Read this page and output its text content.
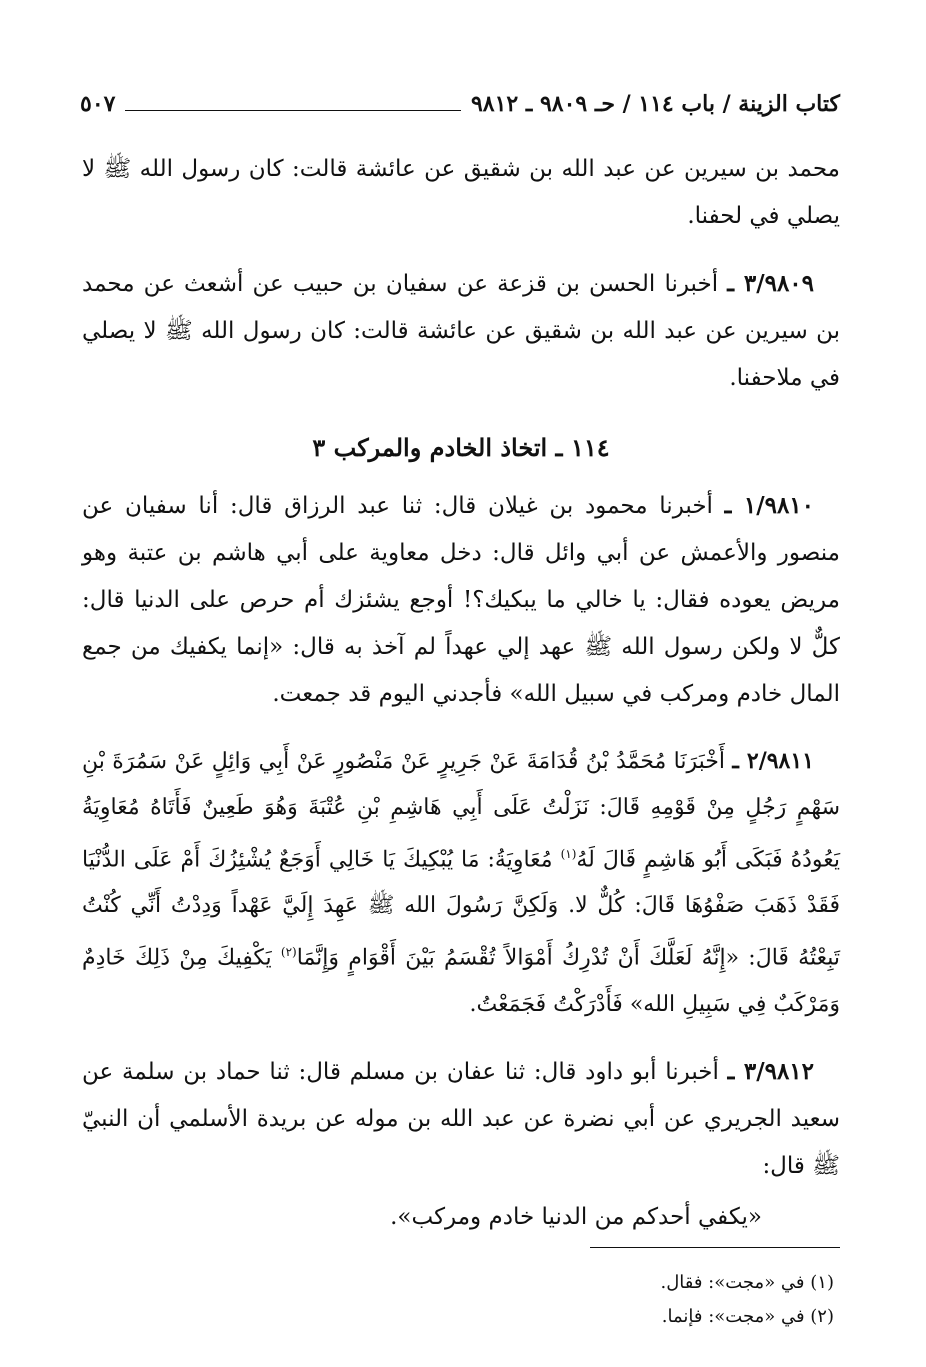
كتاب الزينة / باب ١١٤ / حـ ٩٨٠٩ ـ ٩٨١٢
٥٠٧

محمد بن سيرين عن عبد الله بن شقيق عن عائشة قالت: كان رسول الله ﷺ لا يصلي في لحفنا.

٣/٩٨٠٩ ـ أخبرنا الحسن بن قزعة عن سفيان بن حبيب عن أشعث عن محمد بن سيرين عن عبد الله بن شقيق عن عائشة قالت: كان رسول الله ﷺ لا يصلي في ملاحفنا.

١١٤ ـ اتخاذ الخادم والمركب ٣

١/٩٨١٠ ـ أخبرنا محمود بن غيلان قال: ثنا عبد الرزاق قال: أنا سفيان عن منصور والأعمش عن أبي وائل قال: دخل معاوية على أبي هاشم بن عتبة وهو مريض يعوده فقال: يا خالي ما يبكيك؟! أوجع يشئزك أم حرص على الدنيا قال: كلٌّ لا ولكن رسول الله ﷺ عهد إلي عهداً لم آخذ به قال: «إنما يكفيك من جمع المال خادم ومركب في سبيل الله» فأجدني اليوم قد جمعت.

٢/٩٨١١ ـ أَخْبَرَنَا مُحَمَّدُ بْنُ قُدَامَةَ عَنْ جَرِيرٍ عَنْ مَنْصُورٍ عَنْ أَبِي وَائِلٍ عَنْ سَمُرَةَ بْنِ سَهْمٍ رَجُلٍ مِنْ قَوْمِهِ قَالَ: نَزَلْتُ عَلَى أَبِي هَاشِمِ بْنِ عُتْبَةَ وَهُوَ طَعِينٌ فَأَتَاهُ مُعَاوِيَةُ يَعُودُهُ فَبَكَى أَبُو هَاشِمٍ قَالَ لَهُ$^{(١)}$ مُعَاوِيَةُ: مَا يُبْكِيكَ يَا خَالِي أَوَجَعٌ يُشْئِزُكَ أَمْ عَلَى الدُّنْيَا فَقَدْ ذَهَبَ صَفْوُهَا قَالَ: كُلٌّ لا. وَلَكِنَّ رَسُولَ الله ﷺ عَهِدَ إِلَيَّ عَهْداً وَدِدْتُ أَنِّي كُنْتُ تَبِعْتُهُ قَالَ: «إِنَّهُ لَعَلَّكَ أَنْ تُدْرِكُ أَمْوَالاً تُقْسَمُ بَيْنَ أَقْوَامٍ وَإِنَّمَا$^{(٢)}$ يَكْفِيكَ مِنْ ذَلِكَ خَادِمٌ وَمَرْكَبٌ فِي سَبِيلِ الله» فَأَدْرَكْتُ فَجَمَعْتُ.

٣/٩٨١٢ ـ أخبرنا أبو داود قال: ثنا عفان بن مسلم قال: ثنا حماد بن سلمة عن سعيد الجريري عن أبي نضرة عن عبد الله بن موله عن بريدة الأسلمي أن النبيّ ﷺ قال:

«يكفي أحدكم من الدنيا خادم ومركب».
(١) في «مجت»: فقال.
(٢) في «مجت»: فإنما.
